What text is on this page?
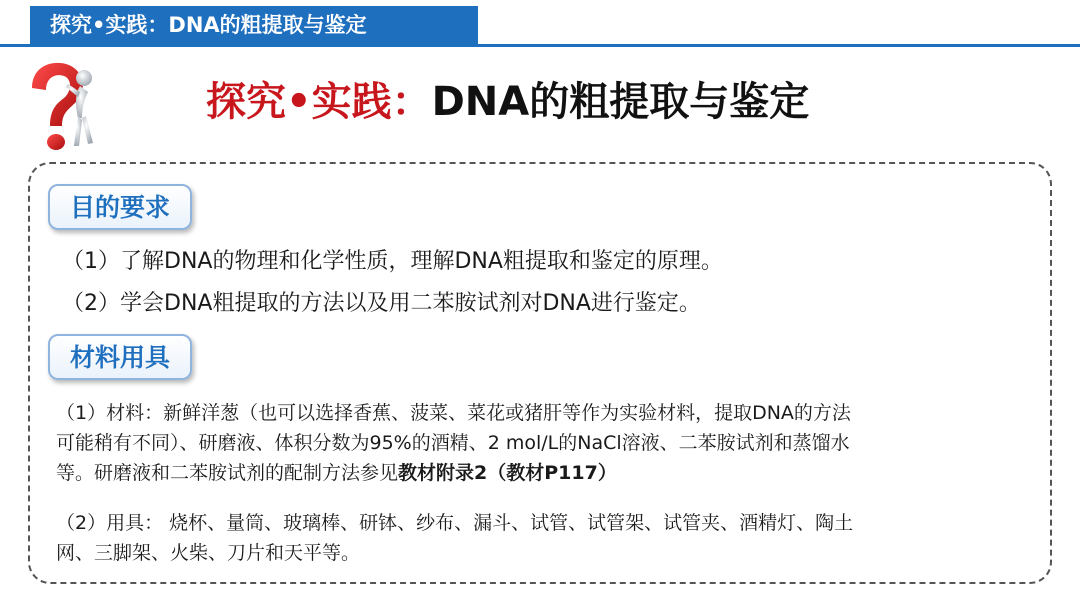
探究•实践：DNA的粗提取与鉴定
探究•实践：DNA的粗提取与鉴定
目的要求
（1）了解DNA的物理和化学性质，理解DNA粗提取和鉴定的原理。
（2）学会DNA粗提取的方法以及用二苯胺试剂对DNA进行鉴定。
材料用具
（1）材料：新鲜洋葱（也可以选择香蕉、菠菜、菜花或猪肝等作为实验材料，提取DNA的方法
可能稍有不同）、研磨液、体积分数为95%的酒精、2 mol/L的NaCl溶液、二苯胺试剂和蒸馏水
等。研磨液和二苯胺试剂的配制方法参见教材附录2（教材P117）
（2）用具： 烧杯、量筒、玻璃棒、研钵、纱布、漏斗、试管、试管架、试管夹、酒精灯、陶土
网、三脚架、火柴、刀片和天平等。
